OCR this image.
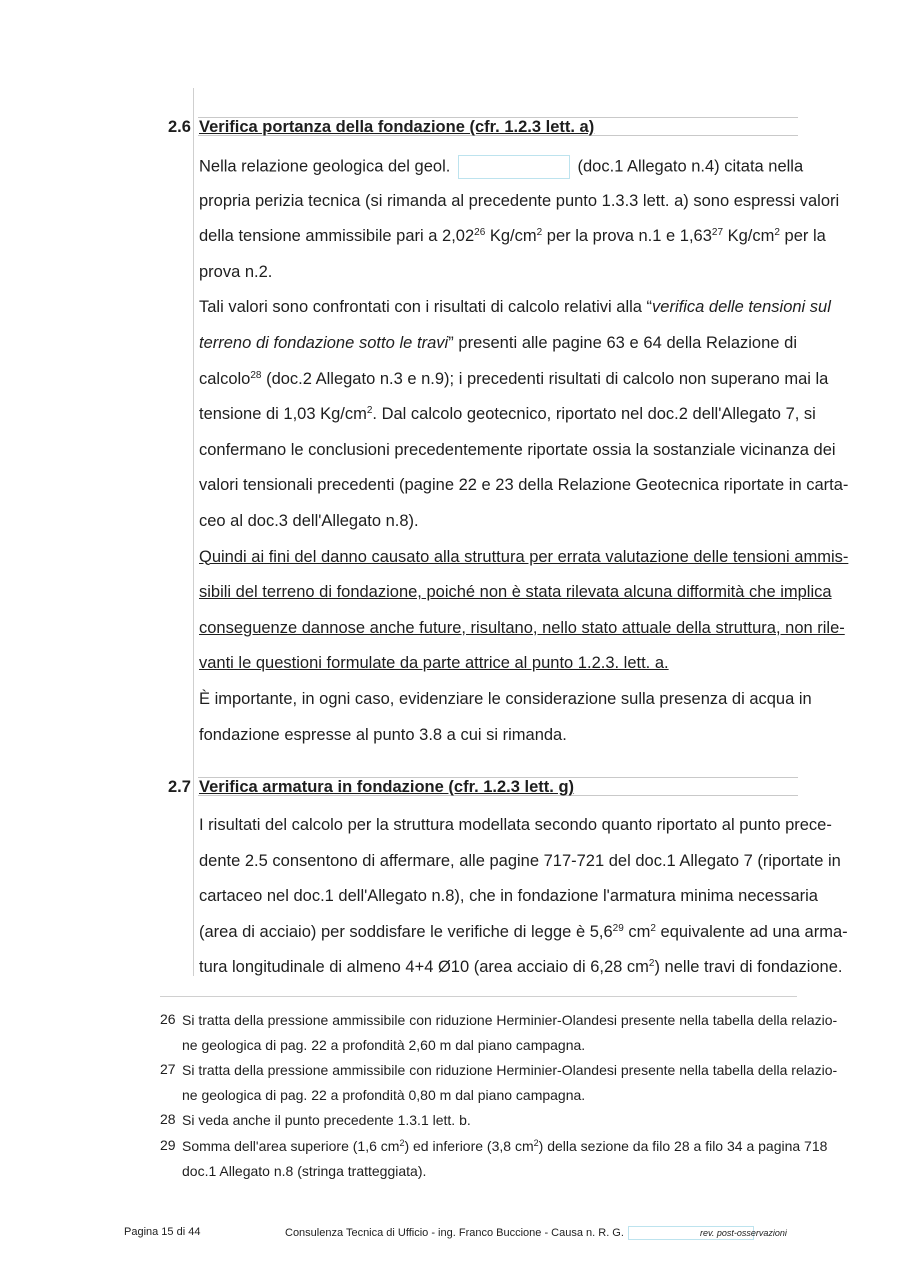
2.6 Verifica portanza della fondazione (cfr. 1.2.3 lett. a)
Nella relazione geologica del geol.	(doc.1 Allegato n.4) citata nella
propria perizia tecnica (si rimanda al precedente punto 1.3.3 lett. a) sono espressi valori
della tensione ammissibile pari a 2,02$^{26}$ $Kg/cm^2$ per la prova n.1 e 1,63$^{27}$ $Kg/cm^2$ per la
prova n.2.
Tali valori sono confrontati con i risultati di calcolo relativi alla “verifica delle tensioni sul
terreno di fondazione sotto le travi” presenti alle pagine 63 e 64 della Relazione di
calcolo$^{28}$ (doc.2 Allegato n.3 e n.9); i precedenti risultati di calcolo non superano mai la
tensione di 1,03 $Kg/cm^2$. Dal calcolo geotecnico, riportato nel doc.2 dell'Allegato 7, si
confermano le conclusioni precedentemente riportate ossia la sostanziale vicinanza dei
valori tensionali precedenti (pagine 22 e 23 della Relazione Geotecnica riportate in carta-
ceo al doc.3 dell'Allegato n.8).
Quindi ai fini del danno causato alla struttura per errata valutazione delle tensioni ammis-
sibili del terreno di fondazione, poiché non è stata rilevata alcuna difformità che implica
conseguenze dannose anche future, risultano, nello stato attuale della struttura, non rile-
vanti le questioni formulate da parte attrice al punto 1.2.3. lett. a.
È importante, in ogni caso, evidenziare le considerazione sulla presenza di acqua in
fondazione espresse al punto 3.8 a cui si rimanda.
2.7 Verifica armatura in fondazione (cfr. 1.2.3 lett. g)
I risultati del calcolo per la struttura modellata secondo quanto riportato al punto prece-
dente 2.5 consentono di affermare, alle pagine 717-721 del doc.1 Allegato 7 (riportate in
cartaceo nel doc.1 dell'Allegato n.8), che in fondazione l'armatura minima necessaria
(area di acciaio) per soddisfare le verifiche di legge è $5,6^{29}$ $cm^2$ equivalente ad una arma-
tura longitudinale di almeno 4+4 Ø10 (area acciaio di 6,28 $cm^2$) nelle travi di fondazione.
26 Si tratta della pressione ammissibile con riduzione Herminier-Olandesi presente nella tabella della relazio-
ne geologica di pag. 22 a profondità 2,60 m dal piano campagna.
27 Si tratta della pressione ammissibile con riduzione Herminier-Olandesi presente nella tabella della relazio-
ne geologica di pag. 22 a profondità 0,80 m dal piano campagna.
28 Si veda anche il punto precedente 1.3.1 lett. b.
29 Somma dell'area superiore (1,6 $cm^2$) ed inferiore (3,8 $cm^2$) della sezione da filo 28 a filo 34 a pagina 718
doc.1 Allegato n.8 (stringa tratteggiata).
Pagina 15 di 44	Consulenza Tecnica di Ufficio - ing. Franco Buccione - Causa n. R. G.	rev. post-osservazioni
